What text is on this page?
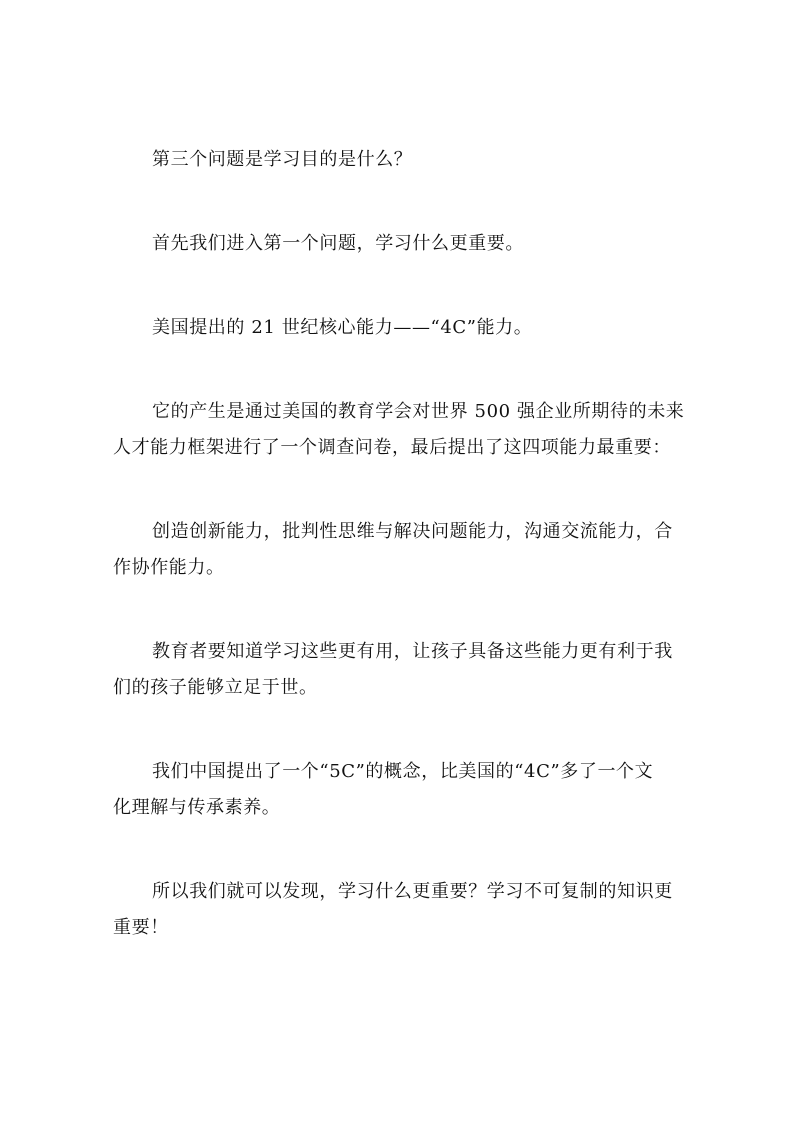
第三个问题是学习目的是什么？

首先我们进入第一个问题，学习什么更重要。

美国提出的 21 世纪核心能力——“4C”能力。

它的产生是通过美国的教育学会对世界 500 强企业所期待的未来
人才能力框架进行了一个调查问卷，最后提出了这四项能力最重要：

创造创新能力，批判性思维与解决问题能力，沟通交流能力，合
作协作能力。

教育者要知道学习这些更有用，让孩子具备这些能力更有利于我
们的孩子能够立足于世。

我们中国提出了一个“5C”的概念，比美国的“4C”多了一个文
化理解与传承素养。

所以我们就可以发现，学习什么更重要？学习不可复制的知识更
重要！
